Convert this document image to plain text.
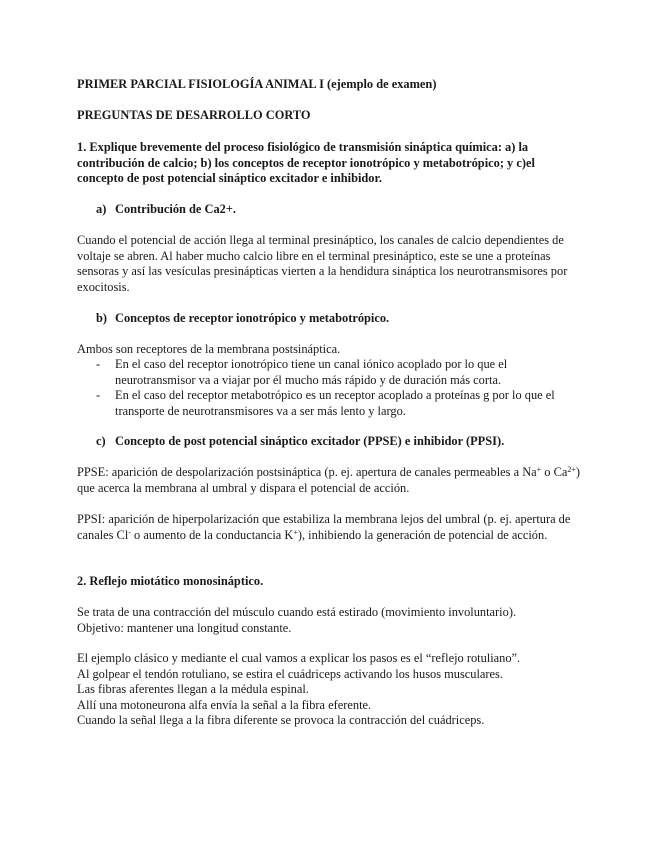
PRIMER PARCIAL FISIOLOGÍA ANIMAL I (ejemplo de examen)

PREGUNTAS DE DESARROLLO CORTO

1. Explique brevemente del proceso fisiológico de transmisión sináptica química: a) la contribución de calcio; b) los conceptos de receptor ionotrópico y metabotrópico; y c)el concepto de post potencial sináptico excitador e inhibidor.

a) Contribución de Ca2+.

Cuando el potencial de acción llega al terminal presináptico, los canales de calcio dependientes de voltaje se abren. Al haber mucho calcio libre en el terminal presináptico, este se une a proteínas sensoras y así las vesículas presinápticas vierten a la hendidura sináptica los neurotransmisores por exocitosis.

b) Conceptos de receptor ionotrópico y metabotrópico.

Ambos son receptores de la membrana postsináptica.

-	En el caso del receptor ionotrópico tiene un canal iónico acoplado por lo que el neurotransmisor va a viajar por él mucho más rápido y de duración más corta.
-	En el caso del receptor metabotrópico es un receptor acoplado a proteínas g por lo que el transporte de neurotransmisores va a ser más lento y largo.
c) Concepto de post potencial sináptico excitador (PPSE) e inhibidor (PPSI).

PPSE: aparición de despolarización postsináptica (p. ej. apertura de canales permeables a Na+ o $Ca^{2+}$) que acerca la membrana al umbral y dispara el potencial de acción.

PPSI: aparición de hiperpolarización que estabiliza la membrana lejos del umbral (p. ej. apertura de canales Cl- o aumento de la conductancia K+), inhibiendo la generación de potencial de acción.

2. Reflejo miotático monosináptico.

Se trata de una contracción del músculo cuando está estirado (movimiento involuntario).
Objetivo: mantener una longitud constante.

El ejemplo clásico y mediante el cual vamos a explicar los pasos es el “reflejo rotuliano”.
Al golpear el tendón rotuliano, se estira el cuádriceps activando los husos musculares.
Las fibras aferentes llegan a la médula espinal.
Allí una motoneurona alfa envía la señal a la fibra eferente.
Cuando la señal llega a la fibra diferente se provoca la contracción del cuádriceps.
